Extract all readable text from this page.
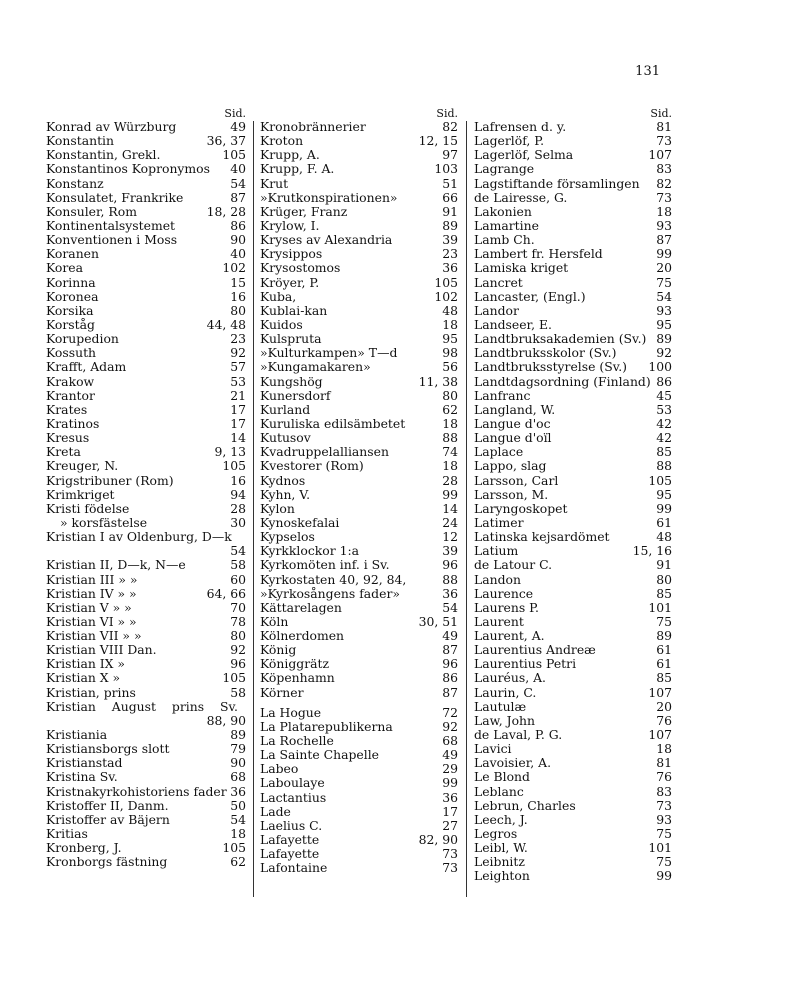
131
Sid.
Konrad av Würzburg	49
Konstantin	36, 37
Konstantin, Grekl.	105
Konstantinos Kopronymos	40
Konstanz	54
Konsulatet, Frankrike	87
Konsuler, Rom	18, 28
Kontinentalsystemet	86
Konventionen i Moss	90
Koranen	40
Korea	102
Korinna	15
Koronea	16
Korsika	80
Korståg	44, 48
Korupedion	23
Kossuth	92
Krafft, Adam	57
Krakow	53
Krantor	21
Krates	17
Kratinos	17
Kresus	14
Kreta	9, 13
Kreuger, N.	105
Krigstribuner (Rom)	16
Krimkriget	94
Kristi födelse	28
» korsfästelse	30
Kristian I av Oldenburg, D—k
54
Kristian II, D—k, N—e	58
Kristian III » »	60
Kristian IV » »	64, 66
Kristian V » »	70
Kristian VI » »	78
Kristian VII » »	80
Kristian VIII Dan.	92
Kristian IX »	96
Kristian X »	105
Kristian, prins	58
Kristian August prins Sv.
88, 90
Kristiania	89
Kristiansborgs slott	79
Kristianstad	90
Kristina Sv.	68
Kristnakyrkohistoriens fader 36
Kristoffer II, Danm.	50
Kristoffer av Bäjern	54
Kritias	18
Kronberg, J.	105
Kronborgs fästning	62
Sid.
Kronobrännerier	82
Kroton	12, 15
Krupp, A.	97
Krupp, F. A.	103
Krut	51
»Krutkonspirationen»	66
Krüger, Franz	91
Krylow, I.	89
Kryses av Alexandria	39
Krysippos	23
Krysostomos	36
Kröyer, P.	105
Kuba,	102
Kublai-kan	48
Kuidos	18
Kulspruta	95
»Kulturkampen» T—d	98
»Kungamakaren»	56
Kungshög	11, 38
Kunersdorf	80
Kurland	62
Kuruliska edilsämbetet	18
Kutusov	88
Kvadruppelalliansen	74
Kvestorer (Rom)	18
Kydnos	28
Kyhn, V.	99
Kylon	14
Kynoskefalai	24
Kypselos	12
Kyrkklockor 1:a	39
Kyrkomöten inf. i Sv.	96
Kyrkostaten 40, 92, 84,	88
»Kyrkosångens fader»	36
Kättarelagen	54
Köln	30, 51
Kölnerdomen	49
König	87
Königgrätz	96
Köpenhamn	86
Körner	87
La Hogue	72
La Platarepublikerna	92
La Rochelle	68
La Sainte Chapelle	49
Labeo	29
Laboulaye	99
Lactantius	36
Lade	17
Laelius C.	27
Lafayette	82, 90
Lafayette	73
Lafontaine	73
Sid.
Lafrensen d. y.	81
Lagerlöf, P.	73
Lagerlöf, Selma	107
Lagrange	83
Lagstiftande församlingen	82
de Lairesse, G.	73
Lakonien	18
Lamartine	93
Lamb Ch.	87
Lambert fr. Hersfeld	99
Lamiska kriget	20
Lancret	75
Lancaster, (Engl.)	54
Landor	93
Landseer, E.	95
Landtbruksakademien (Sv.) 89
Landtbruksskolor (Sv.)	92
Landtbruksstyrelse (Sv.)	100
Landtdagsordning (Finland) 86
Lanfranc	45
Langland, W.	53
Langue d'oc	42
Langue d'oïl	42
Laplace	85
Lappo, slag	88
Larsson, Carl	105
Larsson, M.	95
Laryngoskopet	99
Latimer	61
Latinska kejsardömet	48
Latium	15, 16
de Latour C.	91
Landon	80
Laurence	85
Laurens P.	101
Laurent	75
Laurent, A.	89
Laurentius Andreæ	61
Laurentius Petri	61
Lauréus, A.	85
Laurin, C.	107
Lautulæ	20
Law, John	76
de Laval, P. G.	107
Lavici	18
Lavoisier, A.	81
Le Blond	76
Leblanc	83
Lebrun, Charles	73
Leech, J.	93
Legros	75
Leibl, W.	101
Leibnitz	75
Leighton	99
